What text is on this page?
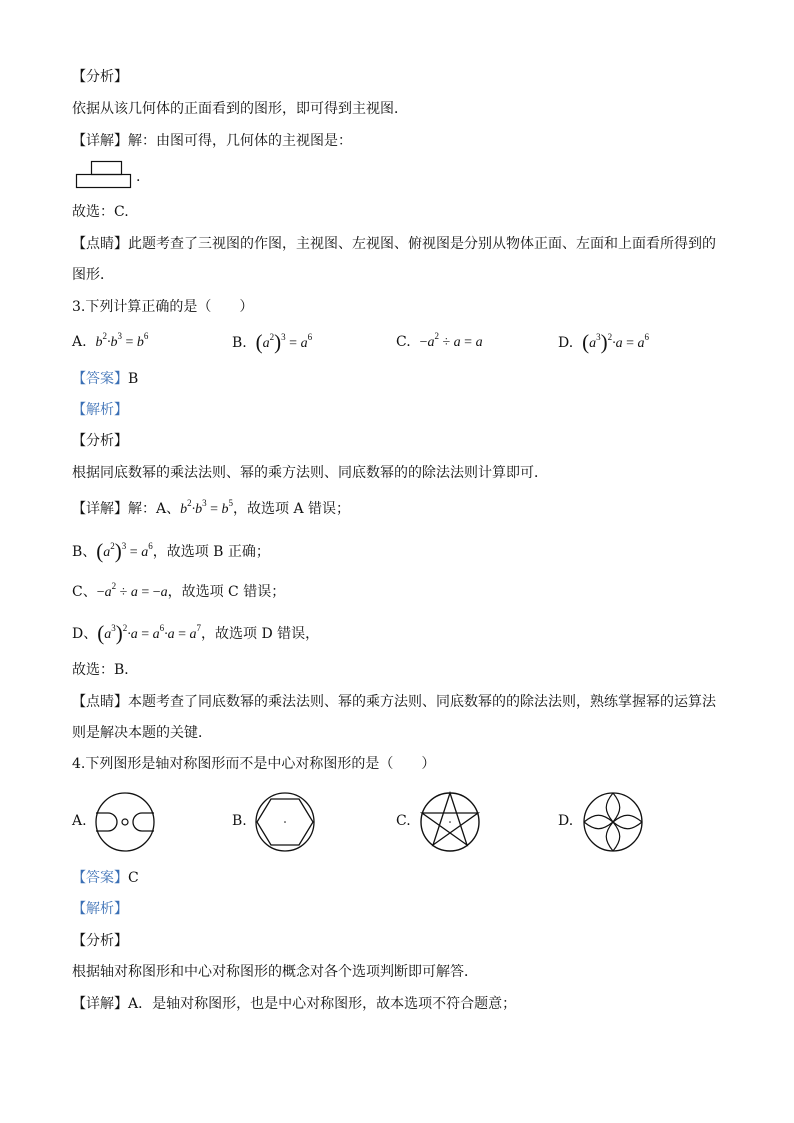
【分析】
依据从该几何体的正面看到的图形，即可得到主视图．
【详解】解：由图可得，几何体的主视图是：
.
故选：C.
【点睛】此题考查了三视图的作图，主视图、左视图、俯视图是分别从物体正面、左面和上面看所得到的
图形．
3.下列计算正确的是（　　）
A. $b^2\cdot b^3 = b^6$	B. $(a^2)^3 = a^6$	C. $-a^2 \div a = a$	D. $(a^3)^2\cdot a = a^6$
【答案】B
【解析】
【分析】
根据同底数幂的乘法法则、幂的乘方法则、同底数幂的的除法法则计算即可．
【详解】解：A、$b^2\cdot b^3 = b^5$，故选项 A 错误；
B、$(a^2)^3 = a^6$，故选项 B 正确；
C、$-a^2 \div a = -a$，故选项 C 错误；
D、$(a^3)^2\cdot a = a^6\cdot a = a^7$，故选项 D 错误，
故选：B．
【点睛】本题考查了同底数幂的乘法法则、幂的乘方法则、同底数幂的的除法法则，熟练掌握幂的运算法
则是解决本题的关键．
4.下列图形是轴对称图形而不是中心对称图形的是（　　）
A.	B.	C.	D.
【答案】C
【解析】
【分析】
根据轴对称图形和中心对称图形的概念对各个选项判断即可解答．
【详解】A．是轴对称图形，也是中心对称图形，故本选项不符合题意；
